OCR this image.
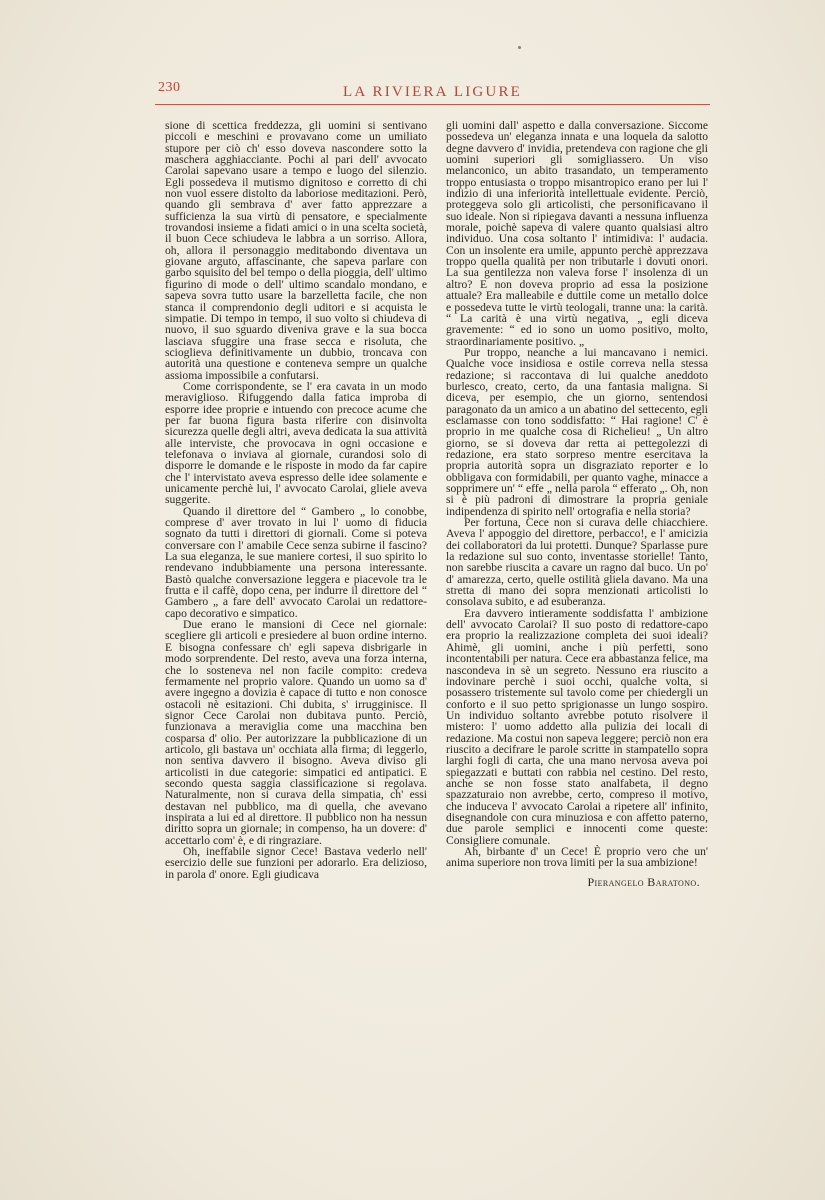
230	LA RIVIERA LIGURE

sione di scettica freddezza, gli uomini si sentivano piccoli e meschini e provavano come un umiliato stupore per ciò ch' esso doveva nascondere sotto la maschera agghiacciante. Pochi al pari dell' avvocato Carolai sapevano usare a tempo e luogo del silenzio. Egli possedeva il mutismo dignitoso e corretto di chi non vuol essere distolto da laboriose meditazioni. Però, quando gli sembrava d' aver fatto apprezzare a sufficienza la sua virtù di pensatore, e specialmente trovandosi insieme a fidati amici o in una scelta società, il buon Cece schiudeva le labbra a un sorriso. Allora, oh, allora il personaggio meditabondo diventava un giovane arguto, affascinante, che sapeva parlare con garbo squisito del bel tempo o della pioggia, dell' ultimo figurino di mode o dell' ultimo scandalo mondano, e sapeva sovra tutto usare la barzelletta facile, che non stanca il comprendonio degli uditori e si acquista le simpatie. Di tempo in tempo, il suo volto si chiudeva di nuovo, il suo sguardo diveniva grave e la sua bocca lasciava sfuggire una frase secca e risoluta, che scioglieva definitivamente un dubbio, troncava con autorità una questione e conteneva sempre un qualche assioma impossibile a confutarsi.

Come corrispondente, se l' era cavata in un modo meraviglioso. Rifuggendo dalla fatica improba di esporre idee proprie e intuendo con precoce acume che per far buona figura basta riferire con disinvolta sicurezza quelle degli altri, aveva dedicata la sua attività alle interviste, che provocava in ogni occasione e telefonava o inviava al giornale, curandosi solo di disporre le domande e le risposte in modo da far capire che l' intervistato aveva espresso delle idee solamente e unicamente perchè lui, l' avvocato Carolai, gliele aveva suggerite.

Quando il direttore del “ Gambero „ lo conobbe, comprese d' aver trovato in lui l' uomo di fiducia sognato da tutti i direttori di giornali. Come si poteva conversare con l' amabile Cece senza subirne il fascino? La sua eleganza, le sue maniere cortesi, il suo spirito lo rendevano indubbiamente una persona interessante. Bastò qualche conversazione leggera e piacevole tra le frutta e il caffè, dopo cena, per indurre il direttore del “ Gambero „ a fare dell' avvocato Carolai un redattore-capo decorativo e simpatico.

Due erano le mansioni di Cece nel giornale: scegliere gli articoli e presiedere al buon ordine interno. E bisogna confessare ch' egli sapeva disbrigarle in modo sorprendente. Del resto, aveva una forza interna, che lo sosteneva nel non facile compito: credeva fermamente nel proprio valore. Quando un uomo sa d' avere ingegno a dovizia è capace di tutto e non conosce ostacoli nè esitazioni. Chi dubita, s' irrugginisce. Il signor Cece Carolai non dubitava punto. Perciò, funzionava a meraviglia come una macchina ben cosparsa d' olio. Per autorizzare la pubblicazione di un articolo, gli bastava un' occhiata alla firma; di leggerlo, non sentiva davvero il bisogno. Aveva diviso gli articolisti in due categorie: simpatici ed antipatici. E secondo questa saggia classificazione si regolava. Naturalmente, non si curava della simpatia, ch' essi destavan nel pubblico, ma di quella, che avevano inspirata a lui ed al direttore. Il pubblico non ha nessun diritto sopra un giornale; in compenso, ha un dovere: d' accettarlo com' è, e di ringraziare.

Oh, ineffabile signor Cece! Bastava vederlo nell' esercizio delle sue funzioni per adorarlo. Era delizioso, in parola d' onore. Egli giudicava

gli uomini dall' aspetto e dalla conversazione. Siccome possedeva un' eleganza innata e una loquela da salotto degne davvero d' invidia, pretendeva con ragione che gli uomini superiori gli somigliassero. Un viso melanconico, un abito trasandato, un temperamento troppo entusiasta o troppo misantropico erano per lui l' indizio di una inferiorità intellettuale evidente. Perciò, proteggeva solo gli articolisti, che personificavano il suo ideale. Non si ripiegava davanti a nessuna influenza morale, poichè sapeva di valere quanto qualsiasi altro individuo. Una cosa soltanto l' intimidiva: l' audacia. Con un insolente era umile, appunto perchè apprezzava troppo quella qualità per non tributarle i dovuti onori. La sua gentilezza non valeva forse l' insolenza di un altro? E non doveva proprio ad essa la posizione attuale? Era malleabile e duttile come un metallo dolce e possedeva tutte le virtù teologali, tranne una: la carità. “ La carità è una virtù negativa, „ egli diceva gravemente: “ ed io sono un uomo positivo, molto, straordinariamente positivo. „

Pur troppo, neanche a lui mancavano i nemici. Qualche voce insidiosa e ostile correva nella stessa redazione; si raccontava di lui qualche aneddoto burlesco, creato, certo, da una fantasia maligna. Si diceva, per esempio, che un giorno, sentendosi paragonato da un amico a un abatino del settecento, egli esclamasse con tono soddisfatto: “ Hai ragione! C' è proprio in me qualche cosa di Richelieu! „ Un altro giorno, se si doveva dar retta ai pettegolezzi di redazione, era stato sorpreso mentre esercitava la propria autorità sopra un disgraziato reporter e lo obbligava con formidabili, per quanto vaghe, minacce a sopprimere un' “ effe „ nella parola “ efferato „. Oh, non si è più padroni di dimostrare la propria geniale indipendenza di spirito nell' ortografia e nella storia?

Per fortuna, Cece non si curava delle chiacchiere. Aveva l' appoggio del direttore, perbacco!, e l' amicizia dei collaboratori da lui protetti. Dunque? Sparlasse pure la redazione sul suo conto, inventasse storielle! Tanto, non sarebbe riuscita a cavare un ragno dal buco. Un po' d' amarezza, certo, quelle ostilità gliela davano. Ma una stretta di mano dei sopra menzionati articolisti lo consolava subito, e ad esuberanza.

Era davvero intieramente soddisfatta l' ambizione dell' avvocato Carolai? Il suo posto di redattore-capo era proprio la realizzazione completa dei suoi ideali? Ahimè, gli uomini, anche i più perfetti, sono incontentabili per natura. Cece era abbastanza felice, ma nascondeva in sè un segreto. Nessuno era riuscito a indovinare perchè i suoi occhi, qualche volta, si posassero tristemente sul tavolo come per chiedergli un conforto e il suo petto sprigionasse un lungo sospiro. Un individuo soltanto avrebbe potuto risolvere il mistero: l' uomo addetto alla pulizia dei locali di redazione. Ma costui non sapeva leggere; perciò non era riuscito a decifrare le parole scritte in stampatello sopra larghi fogli di carta, che una mano nervosa aveva poi spiegazzati e buttati con rabbia nel cestino. Del resto, anche se non fosse stato analfabeta, il degno spazzaturaio non avrebbe, certo, compreso il motivo, che induceva l' avvocato Carolai a ripetere all' infinito, disegnandole con cura minuziosa e con affetto paterno, due parole semplici e innocenti come queste: Consigliere comunale.

Ah, birbante d' un Cece! È proprio vero che un' anima superiore non trova limiti per la sua ambizione!

Pierangelo Baratono.
